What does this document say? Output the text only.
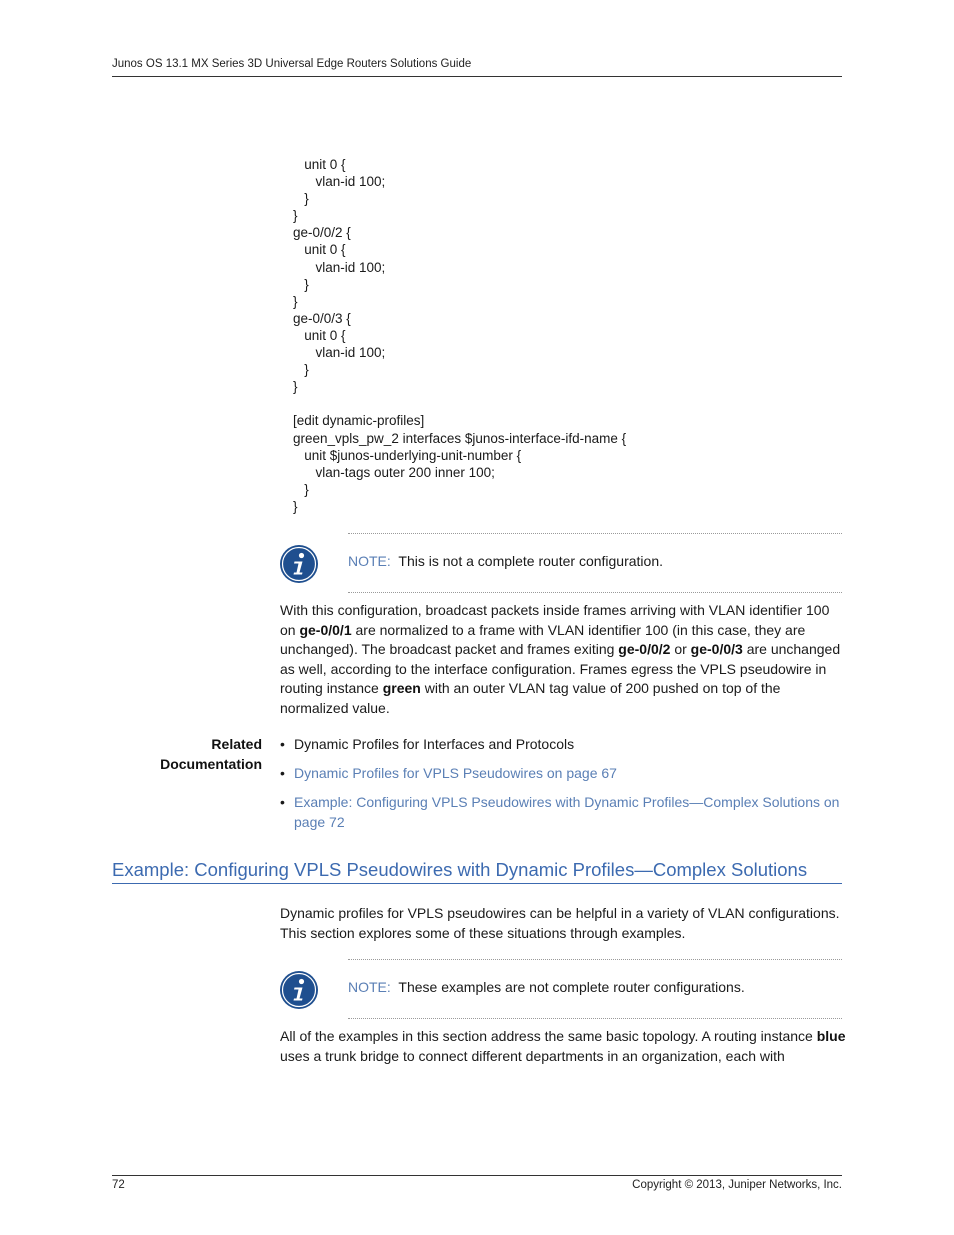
Junos OS 13.1 MX Series 3D Universal Edge Routers Solutions Guide
unit 0 {
vlan-id 100;
}
}
ge-0/0/2 {
unit 0 {
vlan-id 100;
}
}
ge-0/0/3 {
unit 0 {
vlan-id 100;
}
}
[edit dynamic-profiles]
green_vpls_pw_2 interfaces $junos-interface-ifd-name {
unit $junos-underlying-unit-number {
vlan-tags outer 200 inner 100;
}
}
NOTE: This is not a complete router configuration.
With this configuration, broadcast packets inside frames arriving with VLAN identifier 100 on ge-0/0/1 are normalized to a frame with VLAN identifier 100 (in this case, they are unchanged). The broadcast packet and frames exiting ge-0/0/2 or ge-0/0/3 are unchanged as well, according to the interface configuration. Frames egress the VPLS pseudowire in routing instance green with an outer VLAN tag value of 200 pushed on top of the normalized value.
Related
Documentation
• Dynamic Profiles for Interfaces and Protocols
• Dynamic Profiles for VPLS Pseudowires on page 67
• Example: Configuring VPLS Pseudowires with Dynamic Profiles—Complex Solutions on page 72
Example: Configuring VPLS Pseudowires with Dynamic Profiles—Complex Solutions
Dynamic profiles for VPLS pseudowires can be helpful in a variety of VLAN configurations. This section explores some of these situations through examples.
NOTE: These examples are not complete router configurations.
All of the examples in this section address the same basic topology. A routing instance blue uses a trunk bridge to connect different departments in an organization, each with
72	Copyright © 2013, Juniper Networks, Inc.
